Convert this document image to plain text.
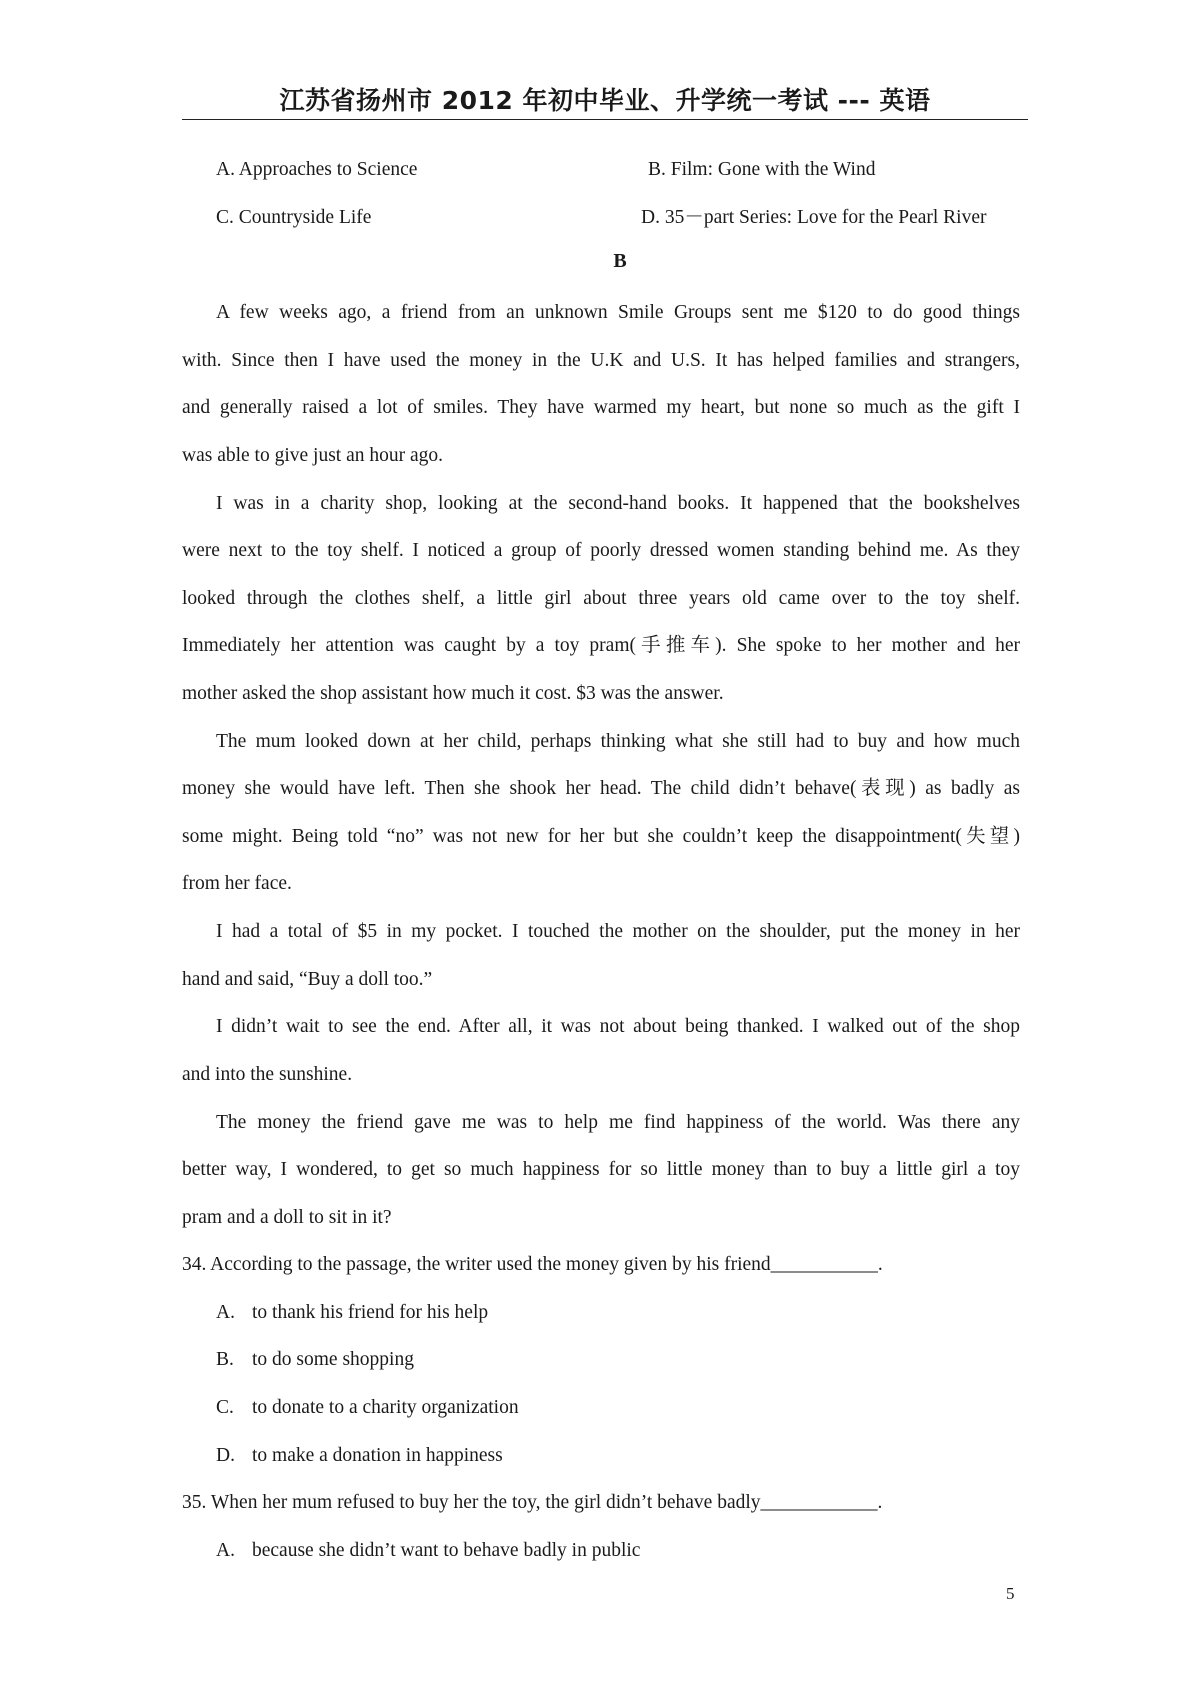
江苏省扬州市 2012 年初中毕业、升学统一考试 --- 英语
A. Approaches to Science	B. Film: Gone with the Wind
C. Countryside Life	D. 35－part Series: Love for the Pearl River
B
A few weeks ago, a friend from an unknown Smile Groups sent me $120 to do good things
with. Since then I have used the money in the U.K and U.S. It has helped families and strangers,
and generally raised a lot of smiles. They have warmed my heart, but none so much as the gift I
was able to give just an hour ago.
I was in a charity shop, looking at the second-hand books. It happened that the bookshelves
were next to the toy shelf. I noticed a group of poorly dressed women standing behind me. As they
looked through the clothes shelf, a little girl about three years old came over to the toy shelf.
Immediately her attention was caught by a toy pram(手推车). She spoke to her mother and her
mother asked the shop assistant how much it cost. $3 was the answer.
The mum looked down at her child, perhaps thinking what she still had to buy and how much
money she would have left. Then she shook her head. The child didn’t behave(表现) as badly as
some might. Being told “no” was not new for her but she couldn’t keep the disappointment(失望)
from her face.
I had a total of $5 in my pocket. I touched the mother on the shoulder, put the money in her
hand and said, “Buy a doll too.”
I didn’t wait to see the end. After all, it was not about being thanked. I walked out of the shop
and into the sunshine.
The money the friend gave me was to help me find happiness of the world. Was there any
better way, I wondered, to get so much happiness for so little money than to buy a little girl a toy
pram and a doll to sit in it?
34. According to the passage, the writer used the money given by his friend___________.
A. to thank his friend for his help
B. to do some shopping
C. to donate to a charity organization
D. to make a donation in happiness
35. When her mum refused to buy her the toy, the girl didn’t behave badly____________.
A. because she didn’t want to behave badly in public
5
